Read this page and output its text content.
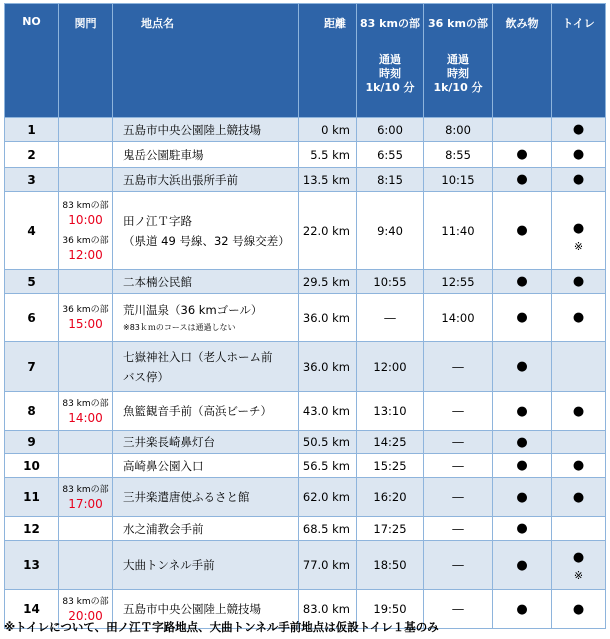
NO	関門	地点名	距離	83 kmの部
通過
時刻
1k/10 分	36 kmの部
通過
時刻
1k/10 分	飲み物	トイレ
1		五島市中央公園陸上競技場	0 km	6:00	8:00		●
2		鬼岳公園駐車場	5.5 km	6:55	8:55	●	●
3		五島市大浜出張所手前	13.5 km	8:15	10:15	●	●
4	83 kmの部
10:00
36 kmの部
12:00	田ノ江Ｔ字路
（県道 49 号線、32 号線交差）	22.0 km	9:40	11:40	●	●
※

5		二本楠公民館	29.5 km	10:55	12:55	●	●
6	36 kmの部
15:00	荒川温泉（36 kmゴール）
※83ｋｍのコースは通過しない	36.0 km	―	14:00	●	●
7		七嶽神社入口（老人ホーム前
バス停）	36.0 km	12:00	―	●	
8	83 kmの部
14:00	魚籃観音手前（高浜ビーチ）	43.0 km	13:10	―	●	●
9		三井楽長崎鼻灯台	50.5 km	14:25	―	●	
10		高崎鼻公園入口	56.5 km	15:25	―	●	●
11	83 kmの部
17:00	三井楽遣唐使ふるさと館	62.0 km	16:20	―	●	●
12		水之浦教会手前	68.5 km	17:25	―	●	
13		大曲トンネル手前	77.0 km	18:50	―	●	●
※

14	83 kmの部
20:00	五島市中央公園陸上競技場	83.0 km	19:50	―	●	●
※トイレについて、田ノ江Ｔ字路地点、大曲トンネル手前地点は仮設トイレ１基のみ
